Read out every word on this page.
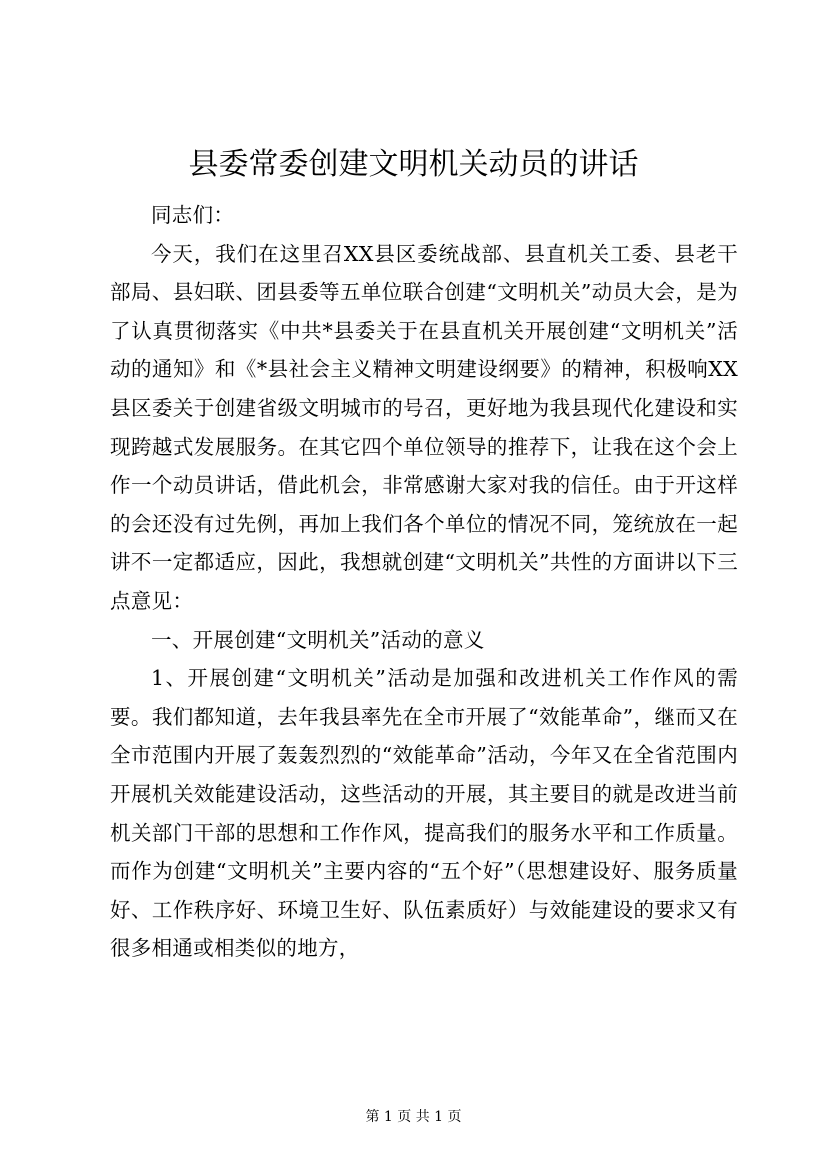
县委常委创建文明机关动员的讲话

同志们：

今天，我们在这里召XX县区委统战部、县直机关工委、县老干部局、县妇联、团县委等五单位联合创建“文明机关”动员大会，是为了认真贯彻落实《中共*县委关于在县直机关开展创建“文明机关”活动的通知》和《*县社会主义精神文明建设纲要》的精神，积极响XX县区委关于创建省级文明城市的号召，更好地为我县现代化建设和实现跨越式发展服务。在其它四个单位领导的推荐下，让我在这个会上作一个动员讲话，借此机会，非常感谢大家对我的信任。由于开这样的会还没有过先例，再加上我们各个单位的情况不同，笼统放在一起讲不一定都适应，因此，我想就创建“文明机关”共性的方面讲以下三点意见：

一、开展创建“文明机关”活动的意义

1、开展创建“文明机关”活动是加强和改进机关工作作风的需要。我们都知道，去年我县率先在全市开展了“效能革命”，继而又在全市范围内开展了轰轰烈烈的“效能革命”活动，今年又在全省范围内开展机关效能建设活动，这些活动的开展，其主要目的就是改进当前机关部门干部的思想和工作作风，提高我们的服务水平和工作质量。而作为创建“文明机关”主要内容的“五个好”（思想建设好、服务质量好、工作秩序好、环境卫生好、队伍素质好）与效能建设的要求又有很多相通或相类似的地方，

第 1 页 共 1 页
